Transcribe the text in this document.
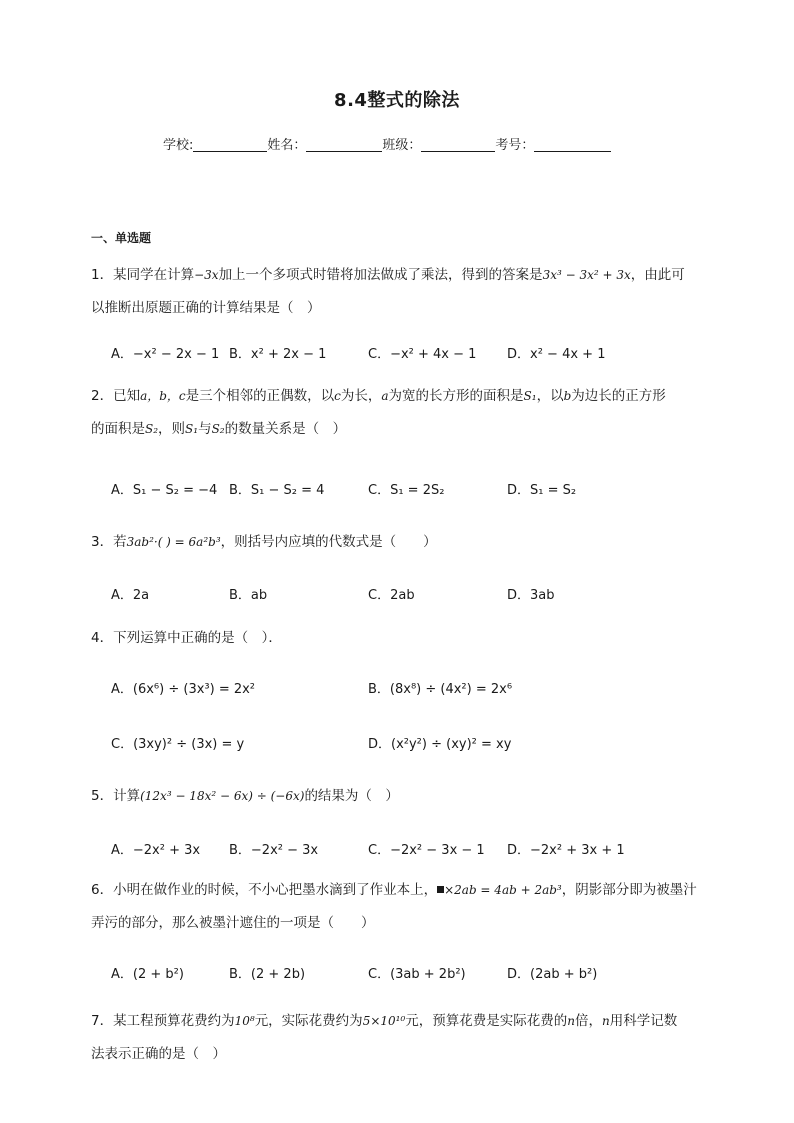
8.4整式的除法
学校:	姓名：	班级：	考号：
一、单选题
1．某同学在计算−3x加上一个多项式时错将加法做成了乘法，得到的答案是3x³ − 3x² + 3x，由此可
以推断出原题正确的计算结果是（　）
A．−x² − 2x − 1 B．x² + 2x − 1	C．−x² + 4x − 1 D．x² − 4x + 1
2．已知a，b，c是三个相邻的正偶数，以c为长，a为宽的长方形的面积是S₁，以b为边长的正方形
的面积是S₂，则S₁与S₂的数量关系是（　）
A．S₁ − S₂ = −4 B．S₁ − S₂ = 4	C．S₁ = 2S₂	D．S₁ = S₂
3．若3ab²·( ) = 6a²b³，则括号内应填的代数式是（　　）
A．2a	B．ab	C．2ab	D．3ab
4．下列运算中正确的是（　）．
A．(6x⁶) ÷ (3x³) = 2x²	B．(8x⁸) ÷ (4x²) = 2x⁶
C．(3xy)² ÷ (3x) = y	D．(x²y²) ÷ (xy)² = xy
5．计算(12x³ − 18x² − 6x) ÷ (−6x)的结果为（　）
A．−2x² + 3x B．−2x² − 3x	C．−2x² − 3x − 1 D．−2x² + 3x + 1
6．小明在做作业的时候，不小心把墨水滴到了作业本上， ×2ab = 4ab + 2ab³，阴影部分即为被墨汁
弄污的部分，那么被墨汁遮住的一项是（　　）
A．(2 + b²)	B．(2 + 2b)	C．(3ab + 2b²)	D．(2ab + b²)
7．某工程预算花费约为10⁸元，实际花费约为5×10¹⁰元，预算花费是实际花费的n倍，n用科学记数
法表示正确的是（　）
